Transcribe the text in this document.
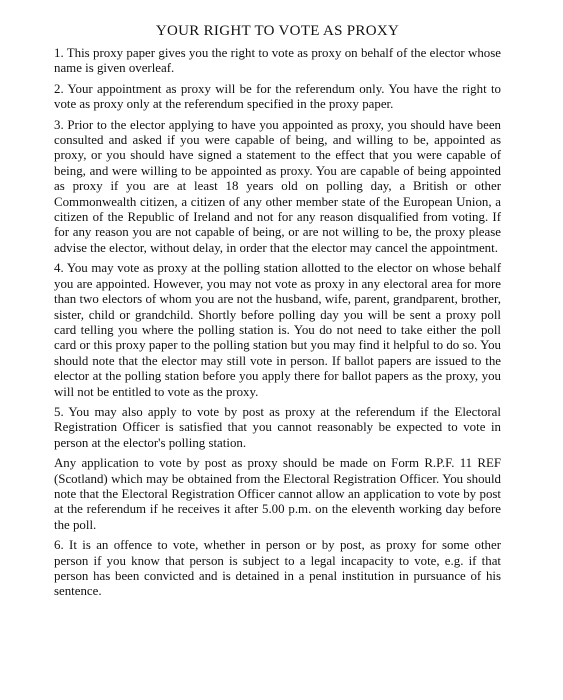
YOUR RIGHT TO VOTE AS PROXY

1. This proxy paper gives you the right to vote as proxy on behalf of the elector whose name is given overleaf.

2. Your appointment as proxy will be for the referendum only. You have the right to vote as proxy only at the referendum specified in the proxy paper.

3. Prior to the elector applying to have you appointed as proxy, you should have been consulted and asked if you were capable of being, and willing to be, appointed as proxy, or you should have signed a statement to the effect that you were capable of being, and were willing to be appointed as proxy. You are capable of being appointed as proxy if you are at least 18 years old on polling day, a British or other Commonwealth citizen, a citizen of any other member state of the European Union, a citizen of the Republic of Ireland and not for any reason disqualified from voting. If for any reason you are not capable of being, or are not willing to be, the proxy please advise the elector, without delay, in order that the elector may cancel the appointment.

4. You may vote as proxy at the polling station allotted to the elector on whose behalf you are appointed. However, you may not vote as proxy in any electoral area for more than two electors of whom you are not the husband, wife, parent, grandparent, brother, sister, child or grandchild. Shortly before polling day you will be sent a proxy poll card telling you where the polling station is. You do not need to take either the poll card or this proxy paper to the polling station but you may find it helpful to do so. You should note that the elector may still vote in person. If ballot papers are issued to the elector at the polling station before you apply there for ballot papers as the proxy, you will not be entitled to vote as the proxy.

5. You may also apply to vote by post as proxy at the referendum if the Electoral Registration Officer is satisfied that you cannot reasonably be expected to vote in person at the elector's polling station.

Any application to vote by post as proxy should be made on Form R.P.F. 11 REF (Scotland) which may be obtained from the Electoral Registration Officer. You should note that the Electoral Registration Officer cannot allow an application to vote by post at the referendum if he receives it after 5.00 p.m. on the eleventh working day before the poll.

6. It is an offence to vote, whether in person or by post, as proxy for some other person if you know that person is subject to a legal incapacity to vote, e.g. if that person has been convicted and is detained in a penal institution in pursuance of his sentence.
